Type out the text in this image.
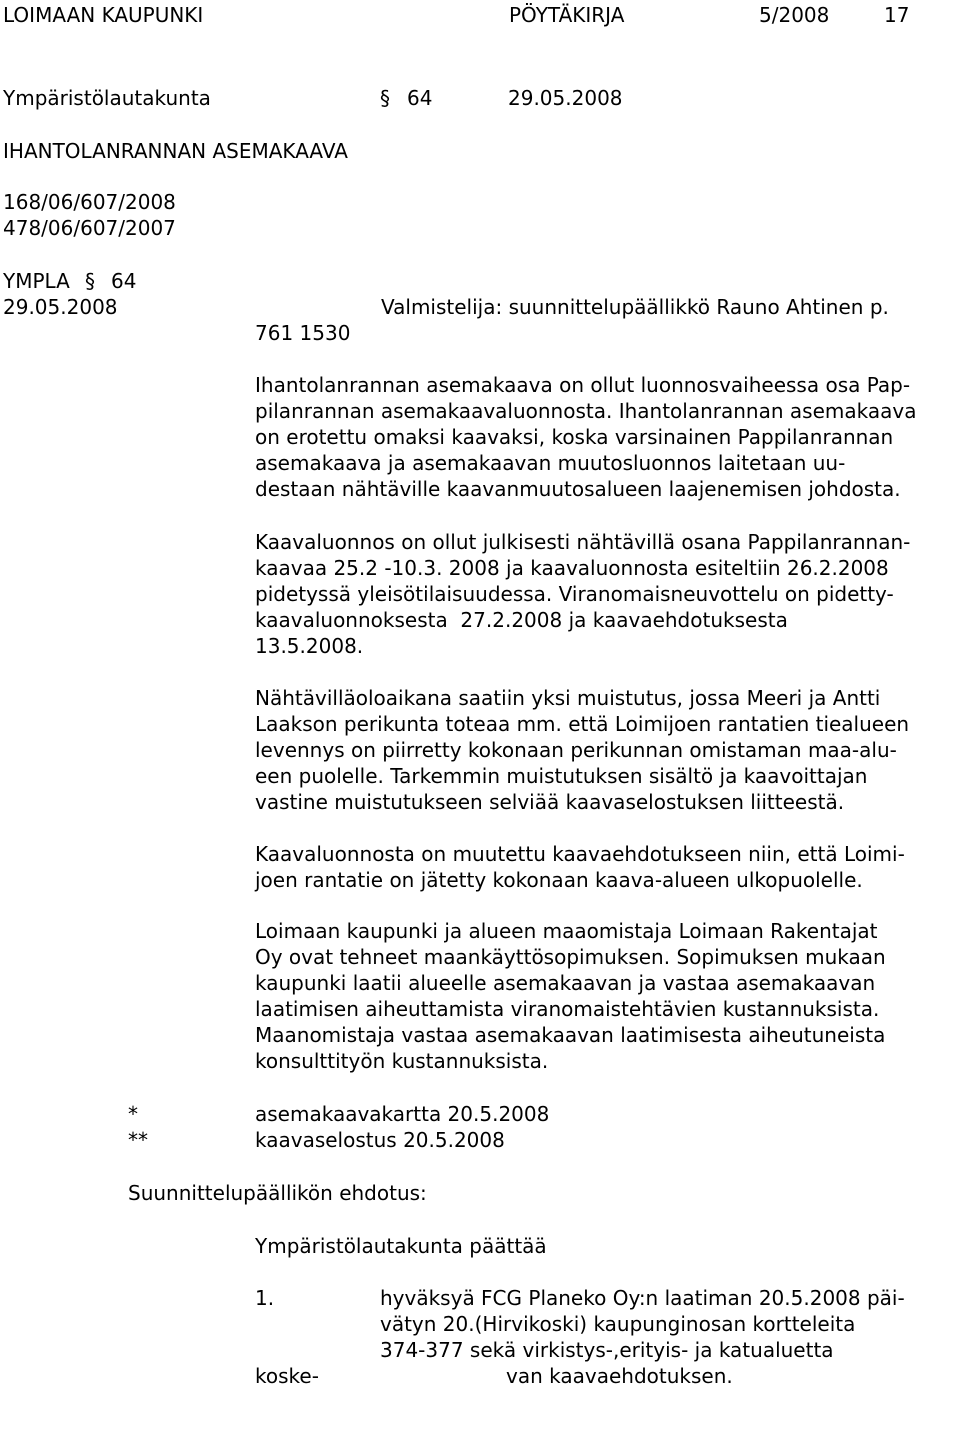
LOIMAAN KAUPUNKI	PÖYTÄKIRJA	5/2008	17
Ympäristölautakunta	§ 64	29.05.2008
IHANTOLANRANNAN ASEMAKAAVA
168/06/607/2008
478/06/607/2007
YMPLA § 64
29.05.2008	Valmistelija: suunnittelupäällikkö Rauno Ahtinen p.
761 1530
Ihantolanrannan asemakaava on ollut luonnosvaiheessa osa Pap-
pilanrannan asemakaavaluonnosta. Ihantolanrannan asemakaava
on erotettu omaksi kaavaksi, koska varsinainen Pappilanrannan
asemakaava ja asemakaavan muutosluonnos laitetaan uu-
destaan nähtäville kaavanmuutosalueen laajenemisen johdosta.
Kaavaluonnos on ollut julkisesti nähtävillä osana Pappilanrannan-
kaavaa 25.2 -10.3. 2008 ja kaavaluonnosta esiteltiin 26.2.2008
pidetyssä yleisötilaisuudessa. Viranomaisneuvottelu on pidetty-
kaavaluonnoksesta  27.2.2008 ja kaavaehdotuksesta
13.5.2008.
Nähtävilläoloaikana saatiin yksi muistutus, jossa Meeri ja Antti
Laakson perikunta toteaa mm. että Loimijoen rantatien tiealueen
levennys on piirretty kokonaan perikunnan omistaman maa-alu-
een puolelle. Tarkemmin muistutuksen sisältö ja kaavoittajan
vastine muistutukseen selviää kaavaselostuksen liitteestä.
Kaavaluonnosta on muutettu kaavaehdotukseen niin, että Loimi-
joen rantatie on jätetty kokonaan kaava-alueen ulkopuolelle.
Loimaan kaupunki ja alueen maaomistaja Loimaan Rakentajat
Oy ovat tehneet maankäyttösopimuksen. Sopimuksen mukaan
kaupunki laatii alueelle asemakaavan ja vastaa asemakaavan
laatimisen aiheuttamista viranomaistehtävien kustannuksista.
Maanomistaja vastaa asemakaavan laatimisesta aiheutuneista
konsulttityön kustannuksista.
*	asemakaavakartta 20.5.2008
**	kaavaselostus 20.5.2008
Suunnittelupäällikön ehdotus:
Ympäristölautakunta päättää
1.	hyväksyä FCG Planeko Oy:n laatiman 20.5.2008 päi-
vätyn 20.(Hirvikoski) kaupunginosan kortteleita
374-377 sekä virkistys-,erityis- ja katualuetta
koske-	van kaavaehdotuksen.
